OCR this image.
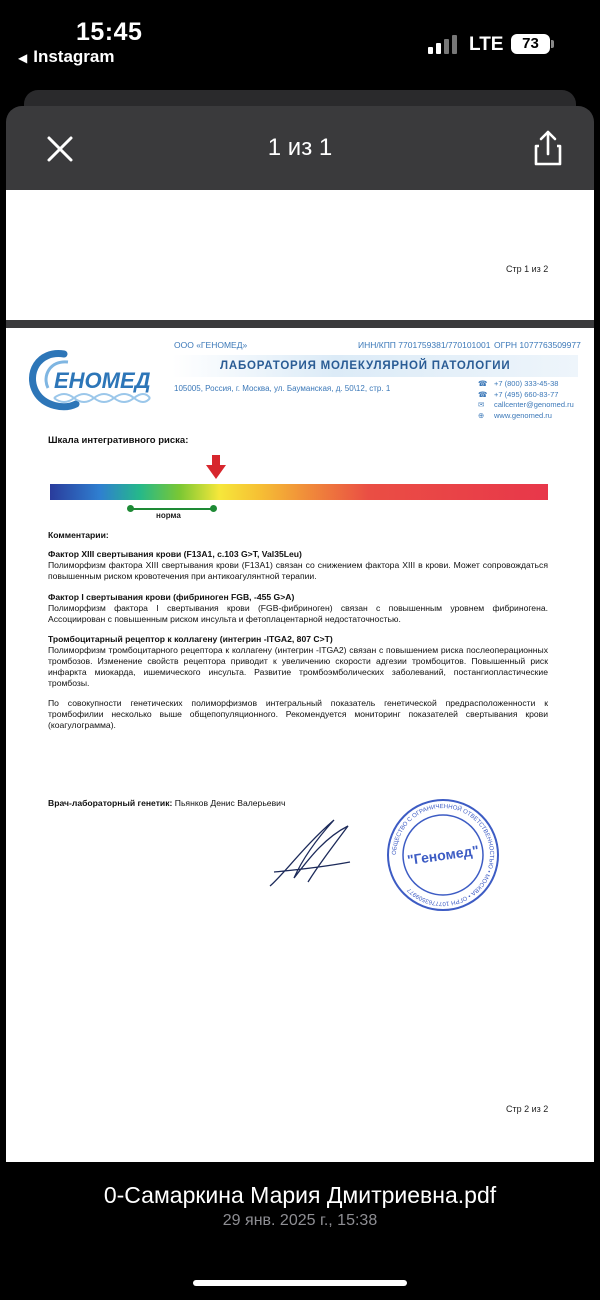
15:45
◀ Instagram
LTE	73
1 из 1
Стр 1 из 2
ЕНОМЕД
ООО «ГЕНОМЕД»	ИНН/КПП 7701759381/770101001 ОГРН 1077763509977
ЛАБОРАТОРИЯ МОЛЕКУЛЯРНОЙ ПАТОЛОГИИ
105005, Россия, г. Москва, ул. Бауманская, д. 50\12, стр. 1
☎ +7 (800) 333-45-38
☎ +7 (495) 660-83-77
✉ callcenter@genomed.ru
⊕ www.genomed.ru
Шкала интегративного риска:
норма
Комментарии:
Фактор XIII свертывания крови (F13A1, c.103 G>T, Val35Leu)
Полиморфизм фактора XIII свертывания крови (F13A1) связан со снижением фактора XIII в крови. Может сопровождаться повышенным риском кровотечения при антикоагулянтной терапии.
Фактор I свертывания крови (фибриноген FGB, -455 G>A)
Полиморфизм фактора I свертывания крови (FGB-фибриноген) связан с повышенным уровнем фибриногена. Ассоциирован с повышенным риском инсульта и фетоплацентарной недостаточностью.
Тромбоцитарный рецептор к коллагену (интегрин -ITGA2, 807 C>T)
Полиморфизм тромбоцитарного рецептора к коллагену (интегрин -ITGA2) связан с повышением риска послеоперационных тромбозов. Изменение свойств рецептора приводит к увеличению скорости адгезии тромбоцитов. Повышенный риск инфаркта миокарда, ишемического инсульта. Развитие тромбоэмболических заболеваний, постангиопластические тромбозы.
По совокупности генетических полиморфизмов интегральный показатель генетической предрасположенности к тромбофилии несколько выше общепопуляционного. Рекомендуется мониторинг показателей свертывания крови (коагулограмма).
Врач-лабораторный генетик: Пьянков Денис Валерьевич
ОБЩЕСТВО С ОГРАНИЧЕННОЙ ОТВЕТСТВЕННОСТЬЮ • МОСКВА • ОГРН 1077763509977
"Геномед"
Стр 2 из 2
0-Самаркина Мария Дмитриевна.pdf
29 янв. 2025 г., 15:38
